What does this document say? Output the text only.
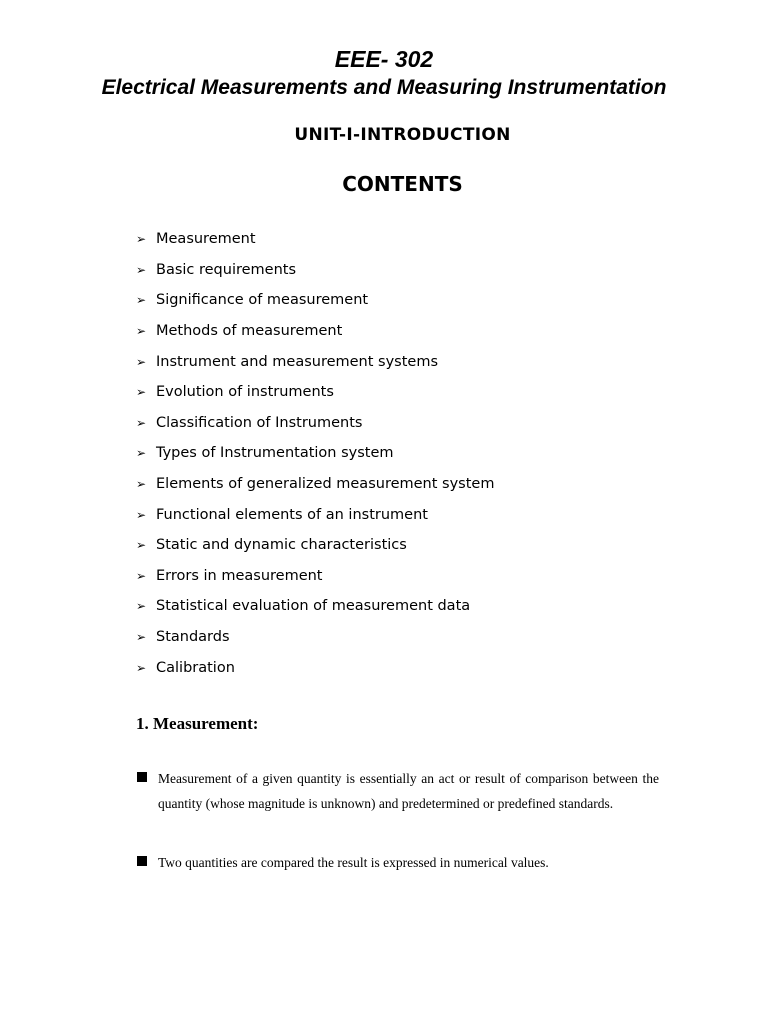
EEE- 302
Electrical Measurements and Measuring Instrumentation
UNIT-I-INTRODUCTION
CONTENTS
➢ Measurement
➢ Basic requirements
➢ Significance of measurement
➢ Methods of measurement
➢ Instrument and measurement systems
➢ Evolution of instruments
➢ Classification of Instruments
➢ Types of Instrumentation system
➢ Elements of generalized measurement system
➢ Functional elements of an instrument
➢ Static and dynamic characteristics
➢ Errors in measurement
➢ Statistical evaluation of measurement data
➢ Standards
➢ Calibration
1. Measurement:

Measurement of a given quantity is essentially an act or result of comparison between the quantity (whose magnitude is unknown) and predetermined or predefined standards.

Two quantities are compared the result is expressed in numerical values.
